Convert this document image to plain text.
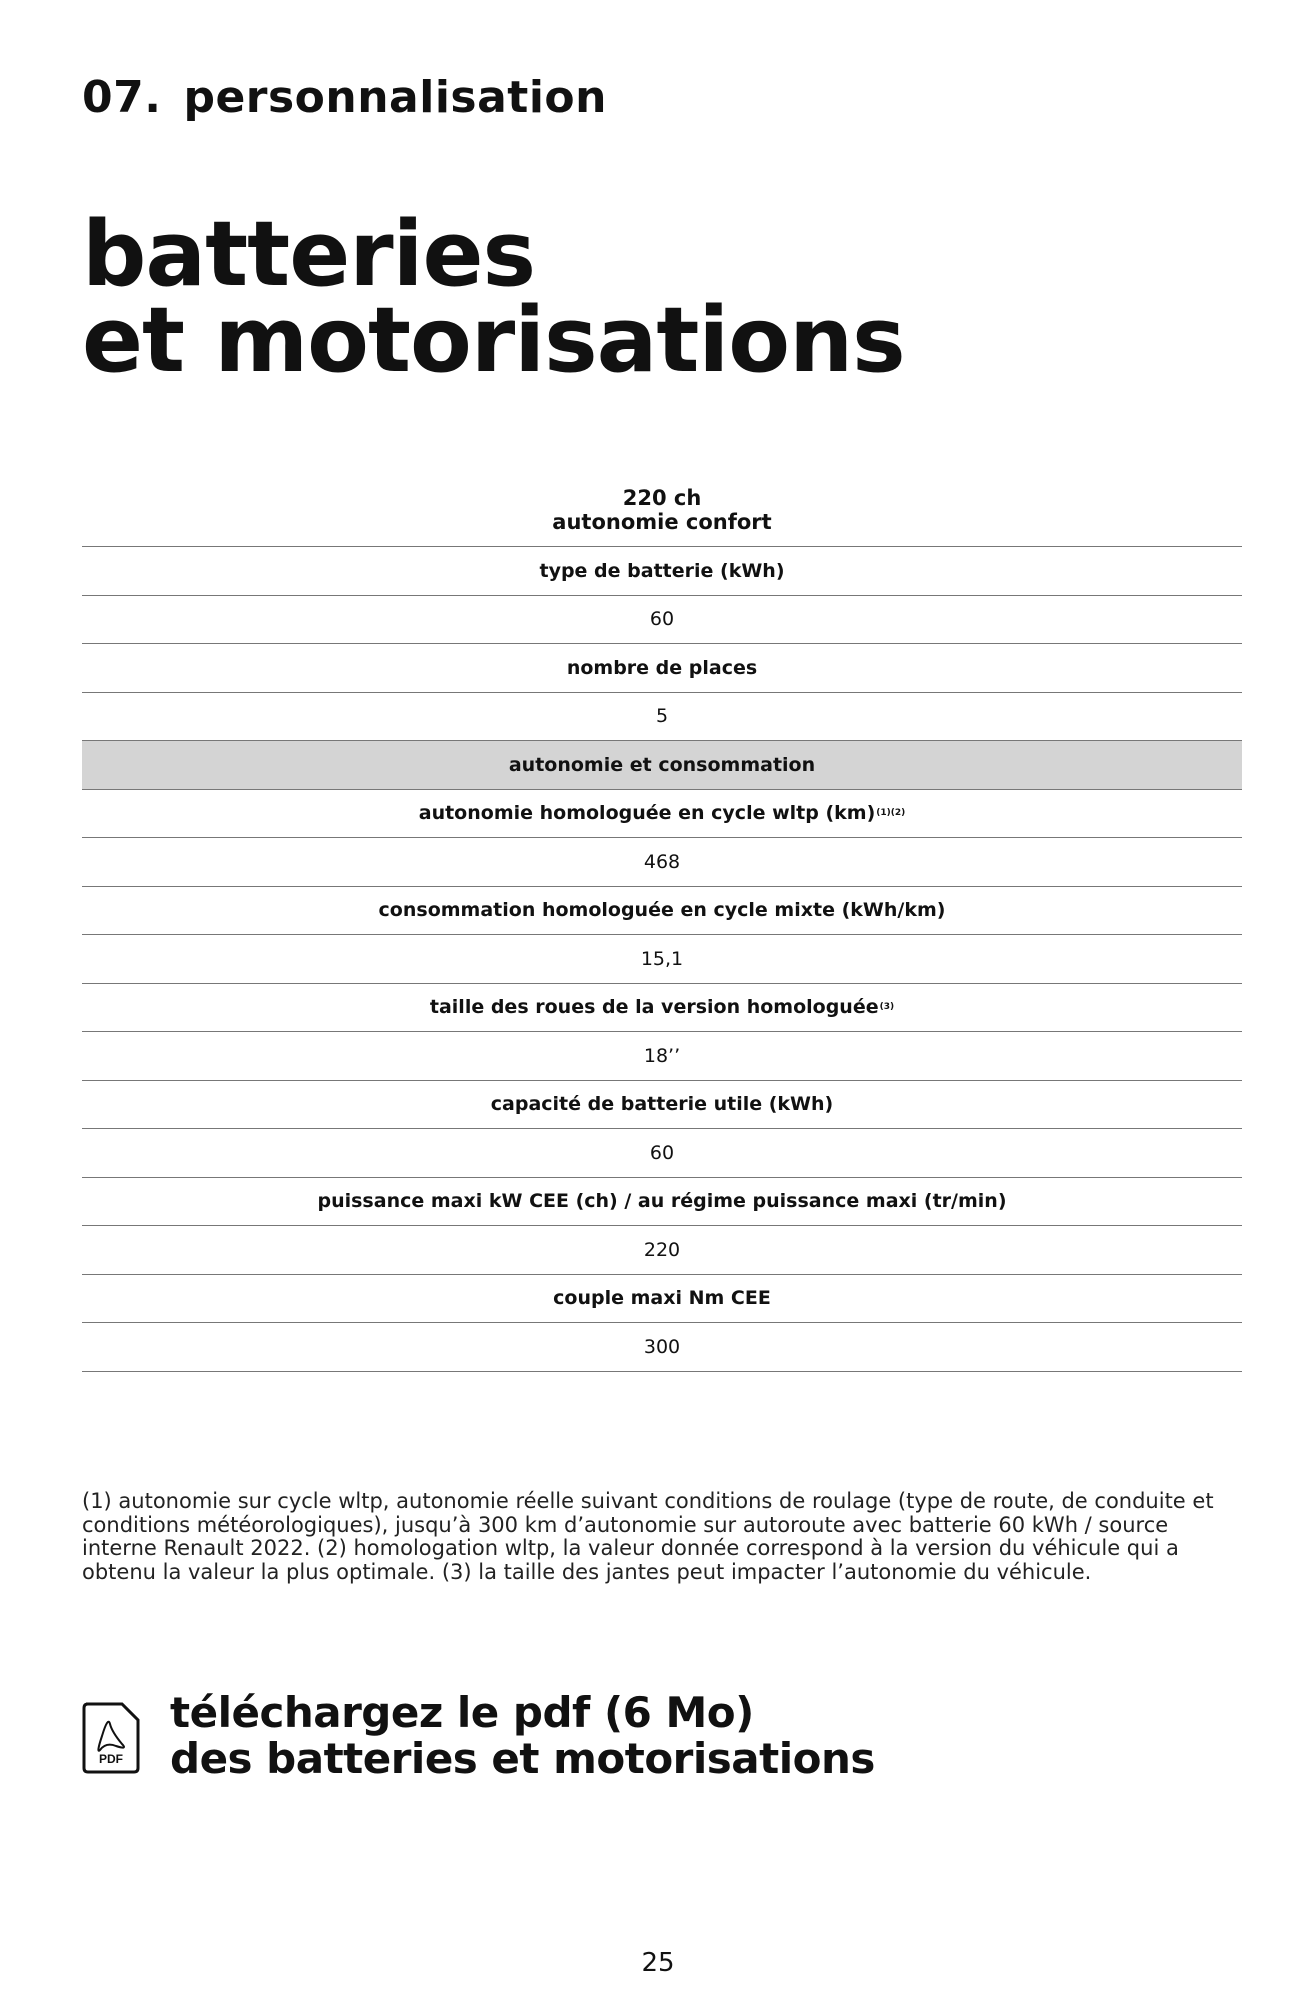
07. personnalisation
batteries
et motorisations
220 ch
autonomie confort
type de batterie (kWh)
60
nombre de places
5
autonomie et consommation
autonomie homologuée en cycle wltp (km) (1)(2)
468
consommation homologuée en cycle mixte (kWh/km)
15,1
taille des roues de la version homologuée (3)
18’’
capacité de batterie utile (kWh)
60
puissance maxi kW CEE (ch) / au régime puissance maxi (tr/min)
220
couple maxi Nm CEE
300

(1) autonomie sur cycle wltp, autonomie réelle suivant conditions de roulage (type de route, de conduite et conditions météorologiques), jusqu’à 300 km d’autonomie sur autoroute avec batterie 60 kWh / source interne Renault 2022. (2) homologation wltp, la valeur donnée correspond à la version du véhicule qui a obtenu la valeur la plus optimale. (3) la taille des jantes peut impacter l’autonomie du véhicule.

PDF
téléchargez le pdf (6 Mo)
des batteries et motorisations

25
